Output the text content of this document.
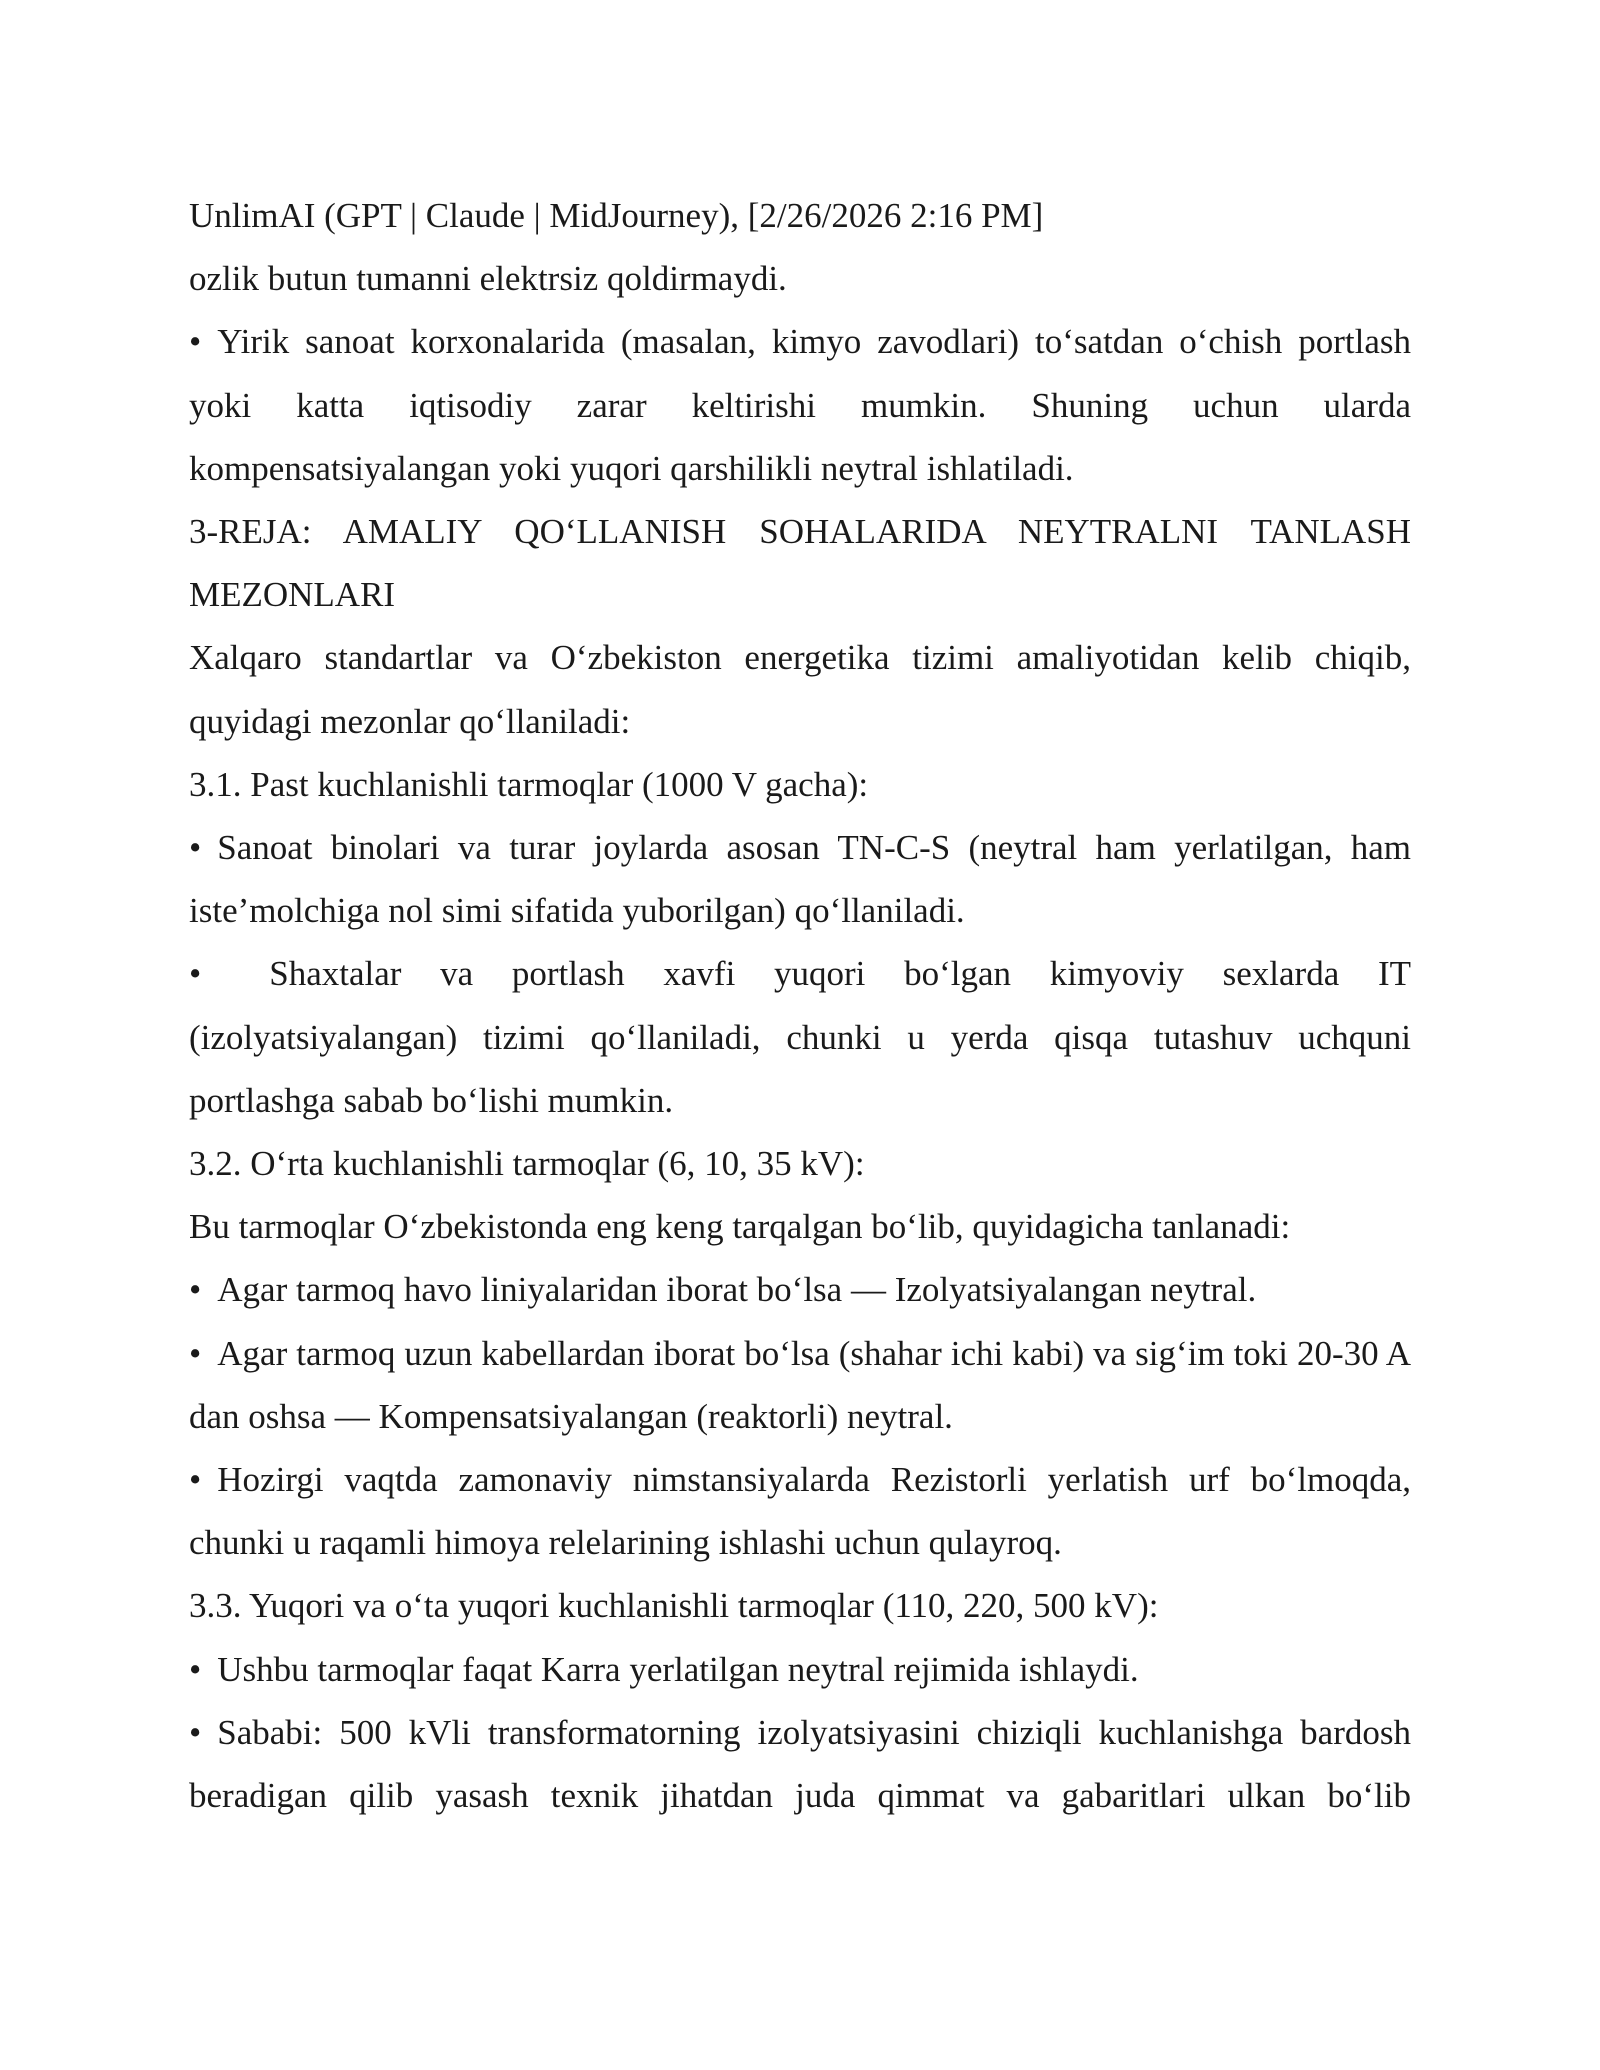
UnlimAI (GPT | Claude | MidJourney), [2/26/2026 2:16 PM]

ozlik butun tumanni elektrsiz qoldirmaydi.

• Yirik sanoat korxonalarida (masalan, kimyo zavodlari) to‘satdan o‘chish portlash yoki katta iqtisodiy zarar keltirishi mumkin. Shuning uchun ularda kompensatsiyalangan yoki yuqori qarshilikli neytral ishlatiladi.

3-REJA: AMALIY QO‘LLANISH SOHALARIDA NEYTRALNI TANLASH MEZONLARI

Xalqaro standartlar va O‘zbekiston energetika tizimi amaliyotidan kelib chiqib, quyidagi mezonlar qo‘llaniladi:

3.1. Past kuchlanishli tarmoqlar (1000 V gacha):

• Sanoat binolari va turar joylarda asosan TN-C-S (neytral ham yerlatilgan, ham iste’molchiga nol simi sifatida yuborilgan) qo‘llaniladi.

• Shaxtalar va portlash xavfi yuqori bo‘lgan kimyoviy sexlarda IT (izolyatsiyalangan) tizimi qo‘llaniladi, chunki u yerda qisqa tutashuv uchquni portlashga sabab bo‘lishi mumkin.

3.2. O‘rta kuchlanishli tarmoqlar (6, 10, 35 kV):

Bu tarmoqlar O‘zbekistonda eng keng tarqalgan bo‘lib, quyidagicha tanlanadi:

• Agar tarmoq havo liniyalaridan iborat bo‘lsa — Izolyatsiyalangan neytral.

• Agar tarmoq uzun kabellardan iborat bo‘lsa (shahar ichi kabi) va sig‘im toki 20-30 A dan oshsa — Kompensatsiyalangan (reaktorli) neytral.

• Hozirgi vaqtda zamonaviy nimstansiyalarda Rezistorli yerlatish urf bo‘lmoqda, chunki u raqamli himoya relelarining ishlashi uchun qulayroq.

3.3. Yuqori va o‘ta yuqori kuchlanishli tarmoqlar (110, 220, 500 kV):

• Ushbu tarmoqlar faqat Karra yerlatilgan neytral rejimida ishlaydi.

• Sababi: 500 kVli transformatorning izolyatsiyasini chiziqli kuchlanishga bardosh beradigan qilib yasash texnik jihatdan juda qimmat va gabaritlari ulkan bo‘lib
